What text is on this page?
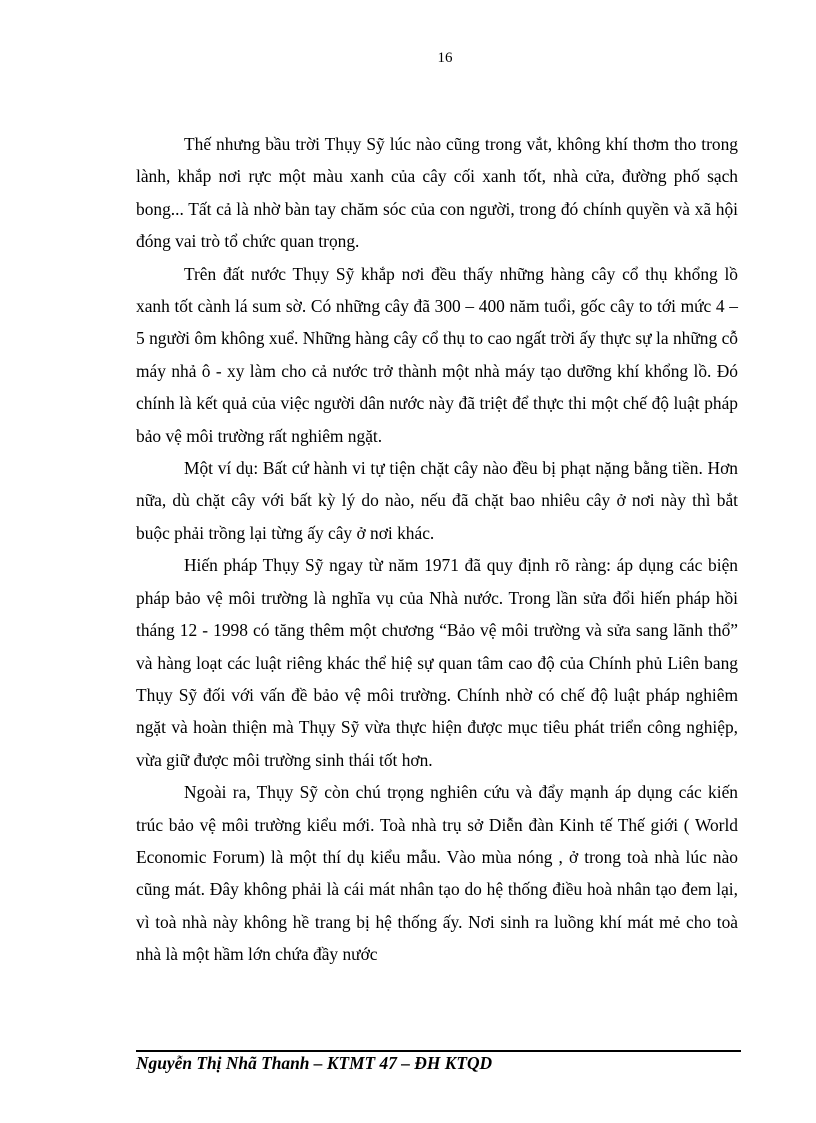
16

Thế nhưng bầu trời Thụy Sỹ lúc nào cũng trong vắt, không khí thơm tho trong lành, khắp nơi rực một màu xanh của cây cối xanh tốt, nhà cửa, đường phố sạch bong... Tất cả là nhờ bàn tay chăm sóc của con người, trong đó chính quyền và xã hội đóng vai trò tổ chức quan trọng.

Trên đất nước Thụy Sỹ khắp nơi đều thấy những hàng cây cổ thụ khổng lồ xanh tốt cành lá sum sờ. Có những cây đã 300 – 400 năm tuổi, gốc cây to tới mức 4 – 5 người ôm không xuể. Những hàng cây cổ thụ to cao ngất trời ấy thực sự la những cỗ máy nhả ô - xy làm cho cả nước trở thành một nhà máy tạo dưỡng khí khổng lồ. Đó chính là kết quả của việc người dân nước này đã triệt để thực thi một chế độ luật pháp bảo vệ môi trường rất nghiêm ngặt.

Một ví dụ: Bất cứ hành vi tự tiện chặt cây nào đều bị phạt nặng bằng tiền. Hơn nữa, dù chặt cây với bất kỳ lý do nào, nếu đã chặt bao nhiêu cây ở nơi này thì bắt buộc phải trồng lại từng ấy cây ở nơi khác.

Hiến pháp Thụy Sỹ ngay từ năm 1971 đã quy định rõ ràng: áp dụng các biện pháp bảo vệ môi trường là nghĩa vụ của Nhà nước. Trong lần sửa đổi hiến pháp hồi tháng 12 - 1998 có tăng thêm một chương “Bảo vệ môi trường và sửa sang lãnh thổ” và hàng loạt các luật riêng khác thể hiệ sự quan tâm cao độ của Chính phủ Liên bang Thụy Sỹ đối với vấn đề bảo vệ môi trường. Chính nhờ có chế độ luật pháp nghiêm ngặt và hoàn thiện mà Thụy Sỹ vừa thực hiện được mục tiêu phát triển công nghiệp, vừa giữ được môi trường sinh thái tốt hơn.

Ngoài ra, Thụy Sỹ còn chú trọng nghiên cứu và đẩy mạnh áp dụng các kiến trúc bảo vệ môi trường kiểu mới. Toà nhà trụ sở Diễn đàn Kinh tế Thế giới ( World Economic Forum) là một thí dụ kiểu mẫu. Vào mùa nóng , ở trong toà nhà lúc nào cũng mát. Đây không phải là cái mát nhân tạo do hệ thống điều hoà nhân tạo đem lại, vì toà nhà này không hề trang bị hệ thống ấy. Nơi sinh ra luồng khí mát mẻ cho toà nhà là một hầm lớn chứa đầy nước

Nguyễn Thị Nhã Thanh – KTMT 47 – ĐH KTQD
